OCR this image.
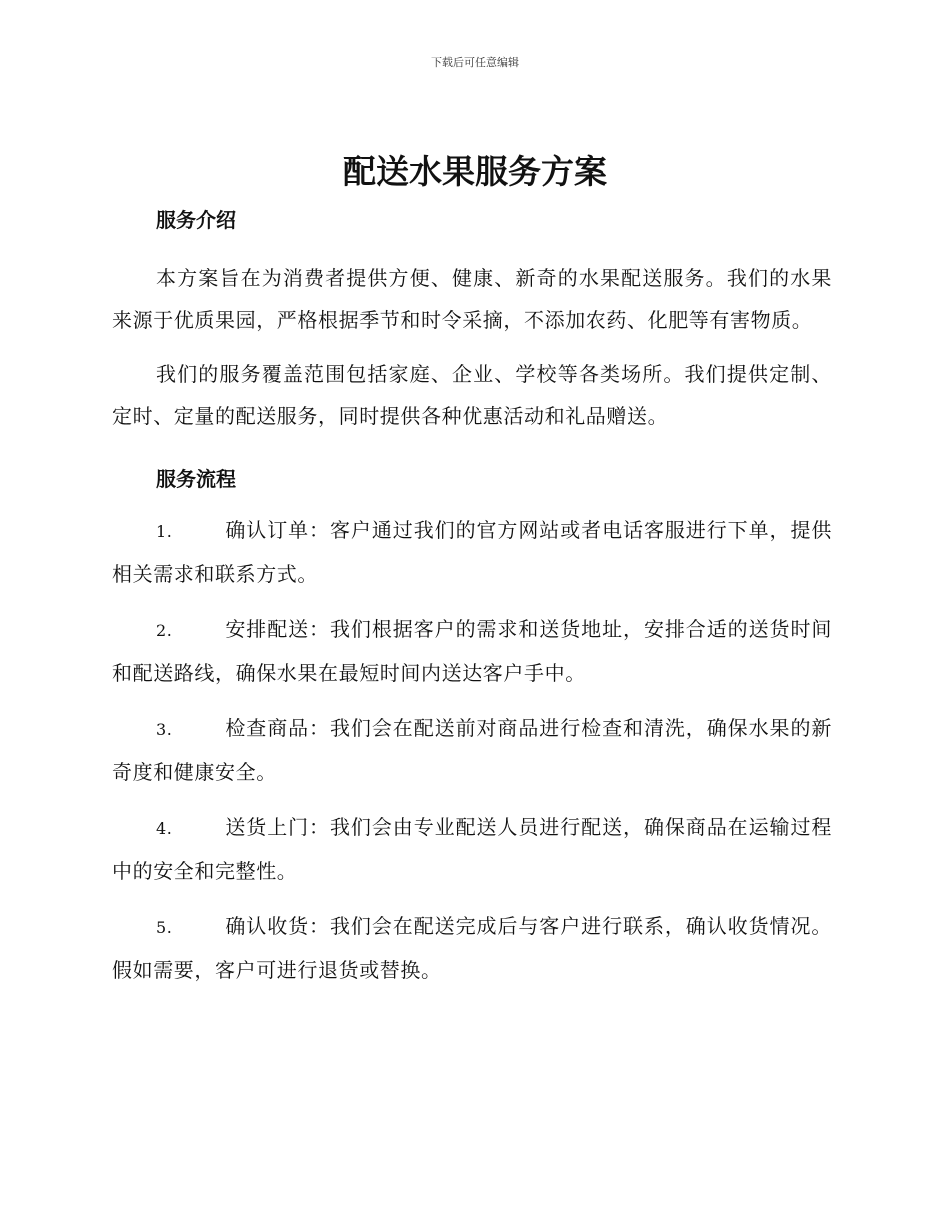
下载后可任意编辑
配送水果服务方案
服务介绍

本方案旨在为消费者提供方便、健康、新奇的水果配送服务。我们的水果来源于优质果园，严格根据季节和时令采摘，不添加农药、化肥等有害物质。

我们的服务覆盖范围包括家庭、企业、学校等各类场所。我们提供定制、定时、定量的配送服务，同时提供各种优惠活动和礼品赠送。

服务流程

1.	确认订单：客户通过我们的官方网站或者电话客服进行下单，提供相关需求和联系方式。

2.	安排配送：我们根据客户的需求和送货地址，安排合适的送货时间和配送路线，确保水果在最短时间内送达客户手中。

3.	检查商品：我们会在配送前对商品进行检查和清洗，确保水果的新奇度和健康安全。

4.	送货上门：我们会由专业配送人员进行配送，确保商品在运输过程中的安全和完整性。

5.	确认收货：我们会在配送完成后与客户进行联系，确认收货情况。假如需要，客户可进行退货或替换。
